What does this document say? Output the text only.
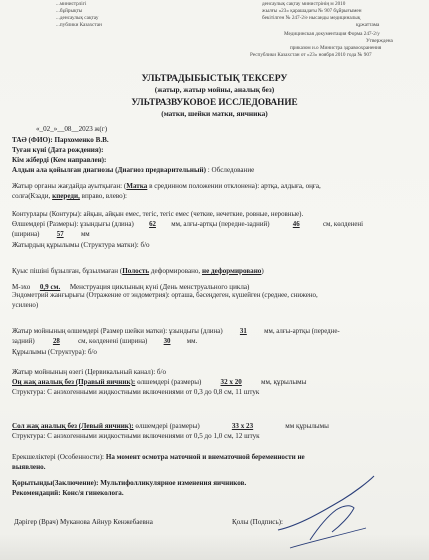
...министрлігі
...бұйрықты
...денсаулық сақтау
...публики Казахстан
денсаулық сақтау министрінің м 2010
жылғы «23» қарашадағы № 907 бұйрығымен
бекітілген № 247-2/е нысанды медициналық
құжаттама
Медицинская документация Форма 247-2/у
Утверждена
приказом и.о Министра здравоохранения
Республики Казахстан от «23» ноября 2010 года № 907
УЛЬТРАДЫБЫСТЫҚ ТЕКСЕРУ
(жатыр, жатыр мойны, аналық без)
УЛЬТРАЗВУКОВОЕ ИССЛЕДОВАНИЕ
(матки, шейки матки, яичника)
«_02_»__08__2023 ж(г)
ТАӘ (ФИО): Пархоменко В.В.
Туған күні (Дата рождения):
Кім жіберді (Кем направлен):
Алдын ала қойылған диагнозы (Диагноз предварительный) : Обследование
Жатыр органы жағдайда ауытқыған: (Матка в срединном положении отклонена): артқа, алдыға, оңға,
солға(Кзади, кпереди, вправо, влево):
Контурлары (Контуры): айқын, айқын емес, тегіс, тегіс емес (четкие, нечеткие, ровные, неровные).
Өлшемдері (Размеры): ұзындығы (длина) 62 мм, алғы-артқы (передне-задний)	46	см, көлденені
(ширина)	57	мм
Жатырдың құрылымы (Структура матки): б/о
Қуыс пішіні бұзылған, бұзылмаған (Полость деформировано, не деформировано)
М-эхо 0,9 см. Менструация циклының күні (День менструального цикла)
Эндометрий жанғырығы (Отражение от эндометрия): орташа, бәсеңдеген, күшейген (среднее, снижено,
усилено)
Жатыр мойнының өлшемдері (Размер шейки матки): ұзындығы (длина)	31	мм, алғы-артқы (передне-
задний)	28	см, көлденені (ширина) 30 мм.
Құрылымы (Структура): б/о
Жатыр мойнының өзегі (Цервикальный канал): б/о
Оң жақ аналық без (Правый яичник): өлшемдері (размеры)	32 х 20	мм, құрылымы
Структура: С анэхогенными жидкостными включениями от 0,3 до 0,8 см, 11 штук
Сол жақ аналық без (Левый яичник): өлшемдері (размеры)	33 х 23	мм құрылымы
Структура: С анэхогенными жидкостными включениями от 0,5 до 1,0 см, 12 штук
Ерекшеліктері (Особенности): На момент осмотра маточной и внематочной беременности не
выявлено.
Қорытынды(Заключение): Мультифолликулярное изменения яичников.
Рекомендаций: Конс/я гинеколога.
Дәрігер (Врач) Муканова Айнур Кенжебаевна	Қолы (Подпись):
